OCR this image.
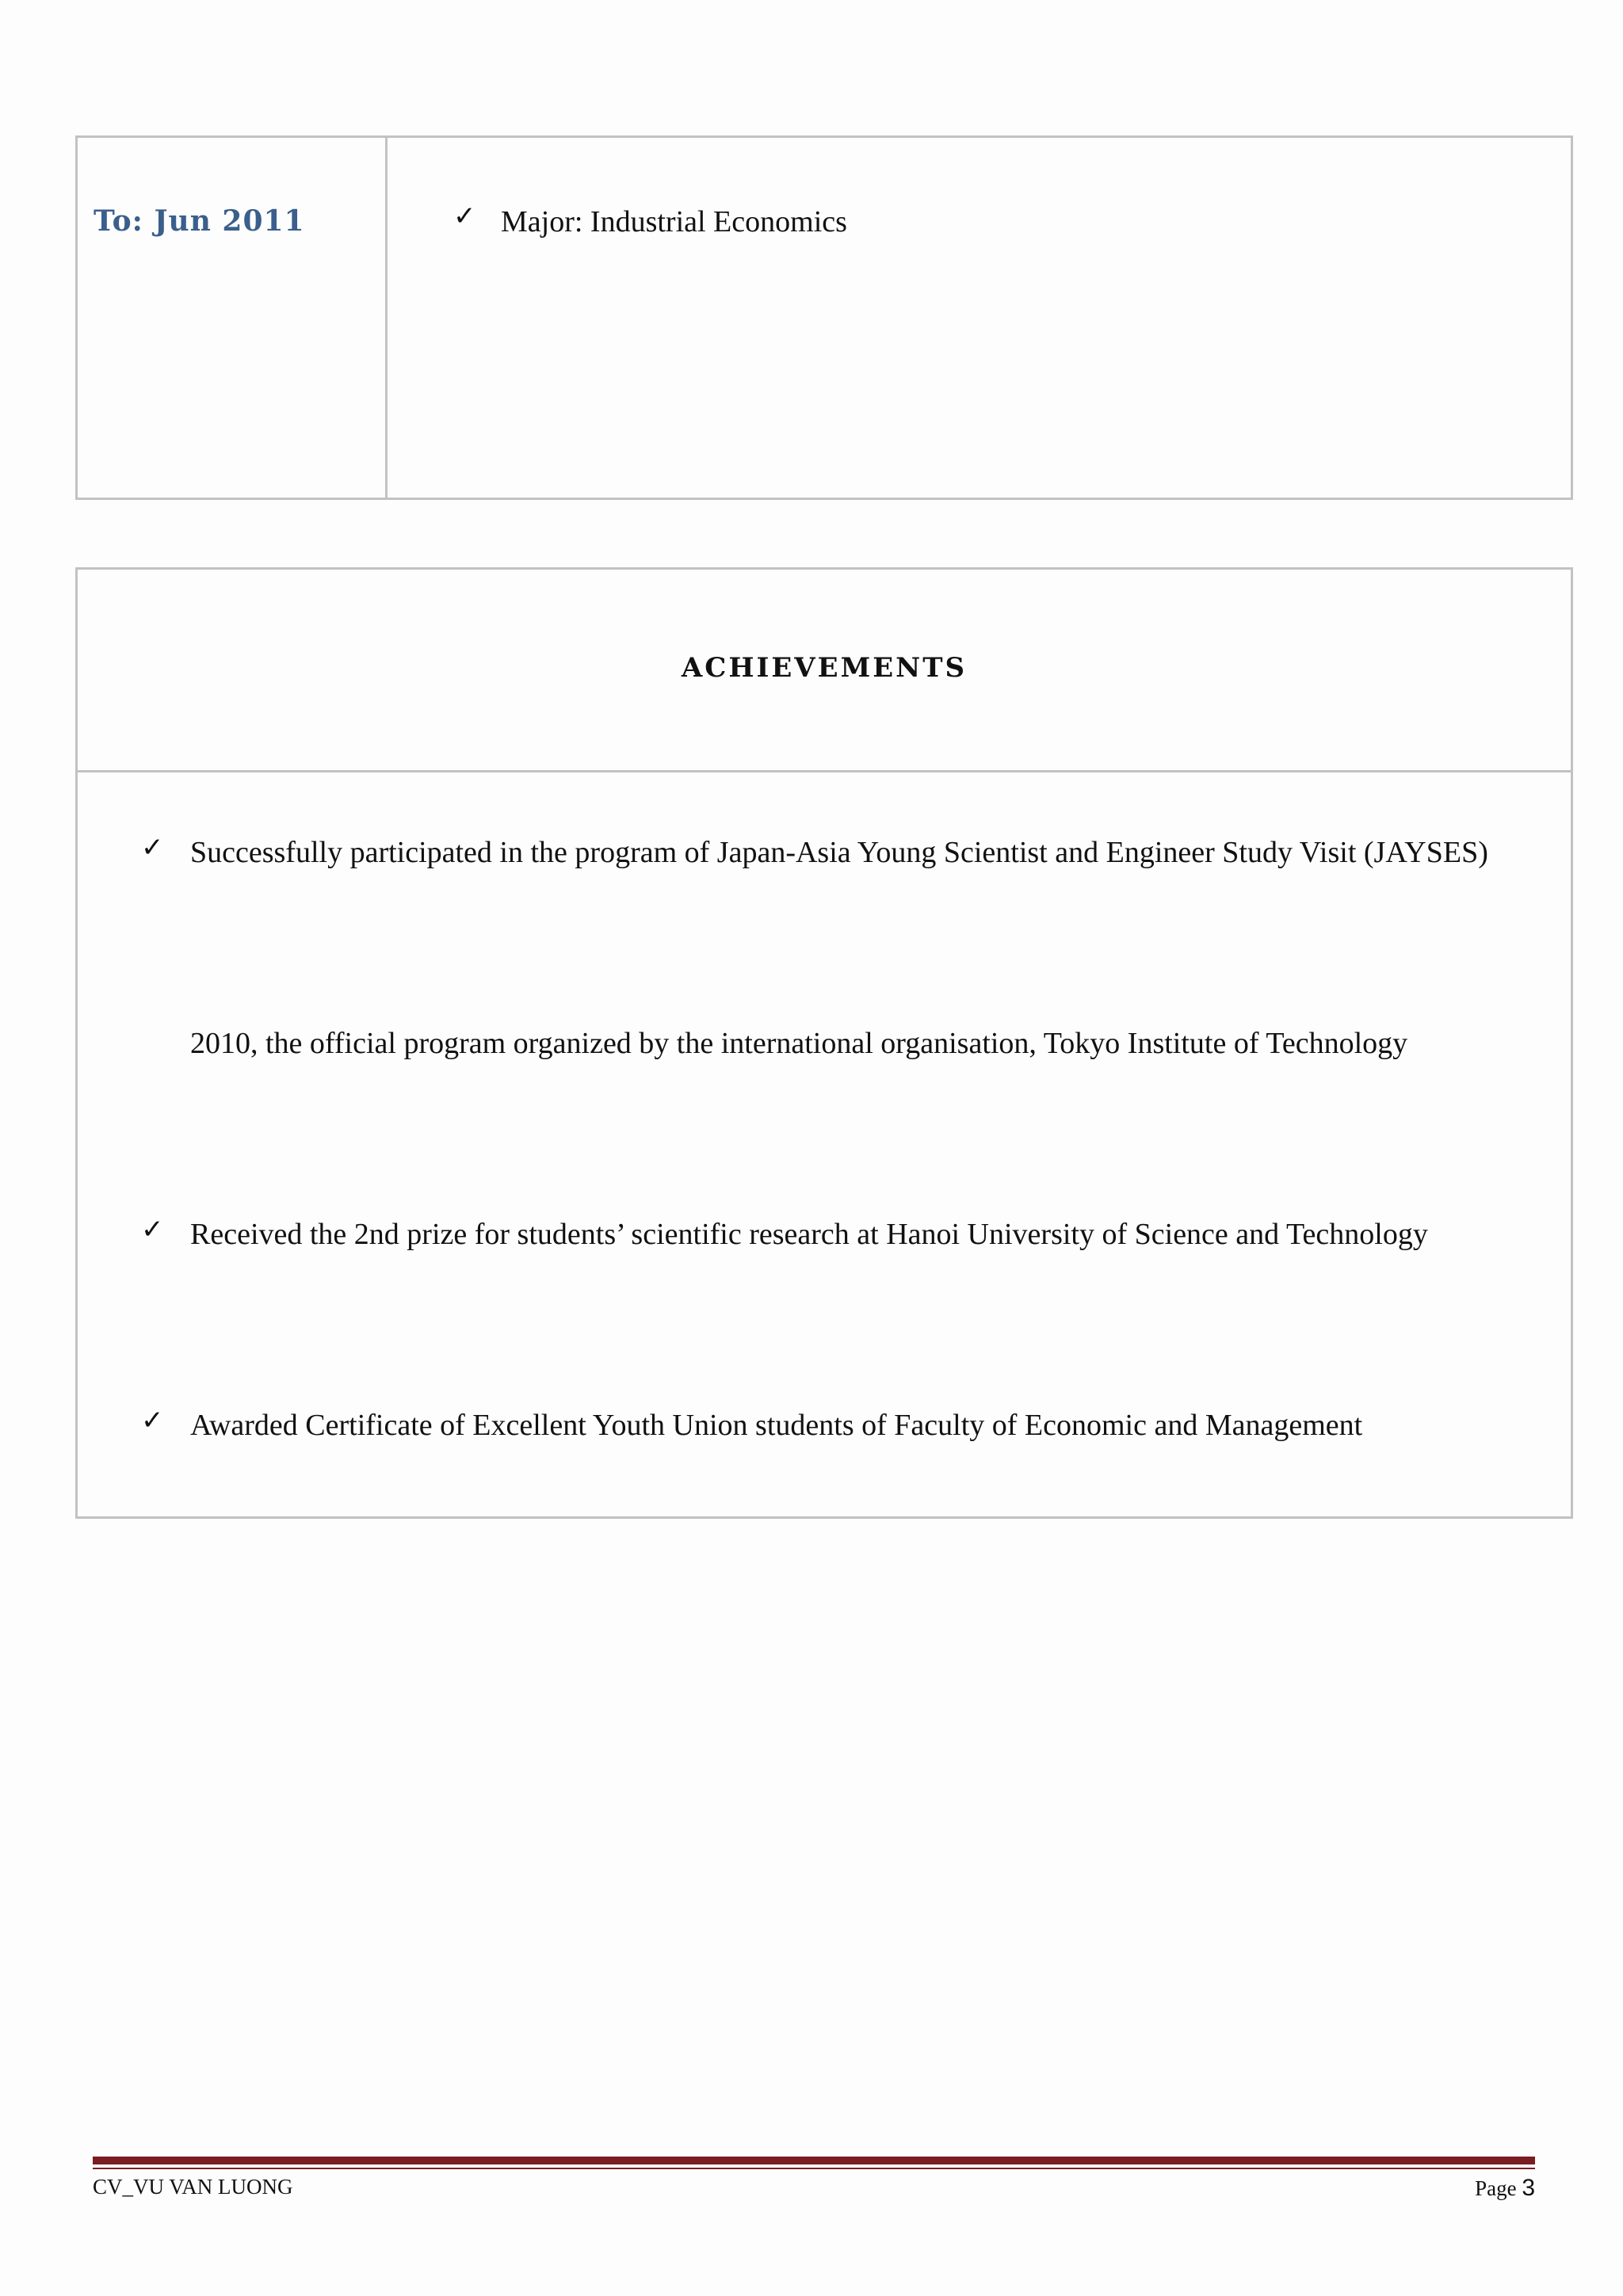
To: Jun 2011	✓ Major: Industrial Economics
ACHIEVEMENTS
✓ Successfully participated in the program of Japan-Asia Young Scientist and Engineer Study Visit (JAYSES)
2010, the official program organized by the international organisation, Tokyo Institute of Technology
✓ Received the 2nd prize for students’ scientific research at Hanoi University of Science and Technology
✓ Awarded Certificate of Excellent Youth Union students of Faculty of Economic and Management
CV_VU VAN LUONG	Page 3
